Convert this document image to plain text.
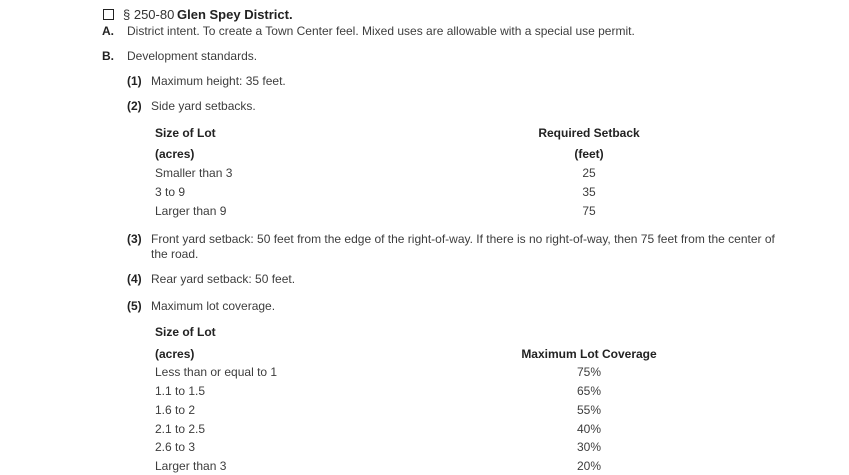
§ 250-80 Glen Spey District.
A. District intent. To create a Town Center feel. Mixed uses are allowable with a special use permit.
B. Development standards.
(1) Maximum height: 35 feet.
(2) Side yard setbacks.
Size of Lot	Required Setback
(acres)	(feet)
Smaller than 3	25
3 to 9	35
Larger than 9	75
(3) Front yard setback: 50 feet from the edge of the right-of-way. If there is no right-of-way, then 75 feet from the center of
the road.
(4) Rear yard setback: 50 feet.
(5) Maximum lot coverage.
Size of Lot
(acres)	Maximum Lot Coverage
Less than or equal to 1	75%
1.1 to 1.5	65%
1.6 to 2	55%
2.1 to 2.5	40%
2.6 to 3	30%
Larger than 3	20%
